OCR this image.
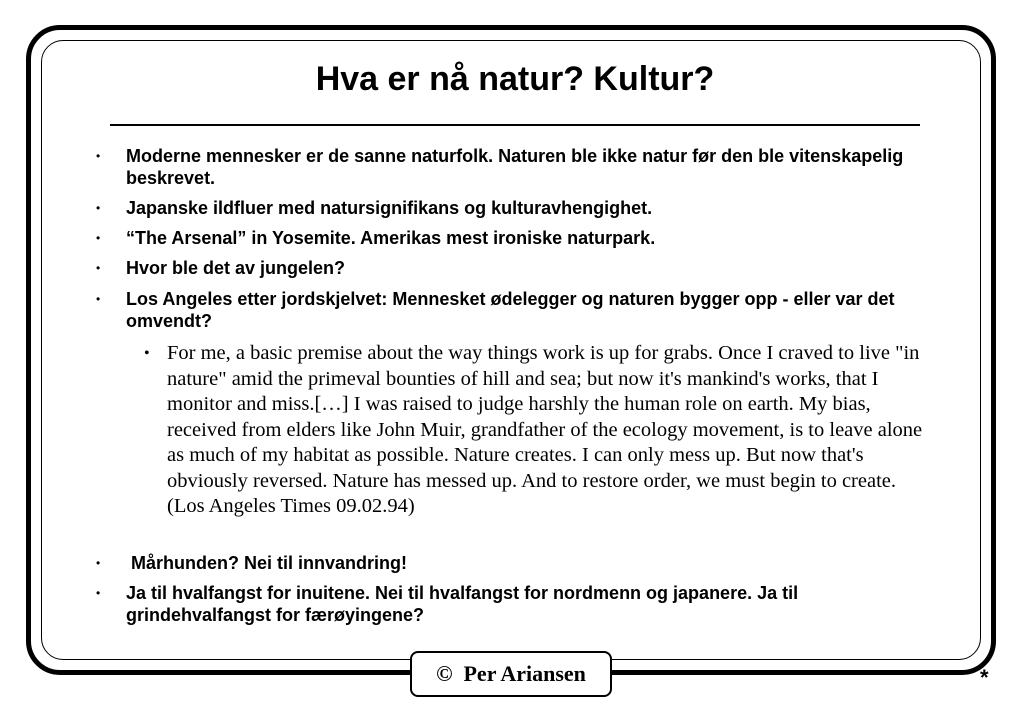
Hva er nå natur? Kultur?
• Moderne mennesker er de sanne naturfolk. Naturen ble ikke natur før den ble vitenskapelig beskrevet.
• Japanske ildfluer med natursignifikans og kulturavhengighet.
• “The Arsenal” in Yosemite. Amerikas mest ironiske naturpark.
• Hvor ble det av jungelen?
• Los Angeles etter jordskjelvet: Mennesket ødelegger og naturen bygger opp - eller var det omvendt?
• For me, a basic premise about the way things work is up for grabs. Once I craved to live "in nature" amid the primeval bounties of hill and sea; but now it's mankind's works, that I monitor and miss.[…] I was raised to judge harshly the human role on earth. My bias, received from elders like John Muir, grandfather of the ecology movement, is to leave alone as much of my habitat as possible. Nature creates. I can only mess up. But now that's obviously reversed. Nature has messed up. And to restore order, we must begin to create. (Los Angeles Times 09.02.94)
• Mårhunden? Nei til innvandring!
• Ja til hvalfangst for inuitene. Nei til hvalfangst for nordmenn og japanere. Ja til grindehvalfangst for færøyingene?
©  Per Ariansen	*
